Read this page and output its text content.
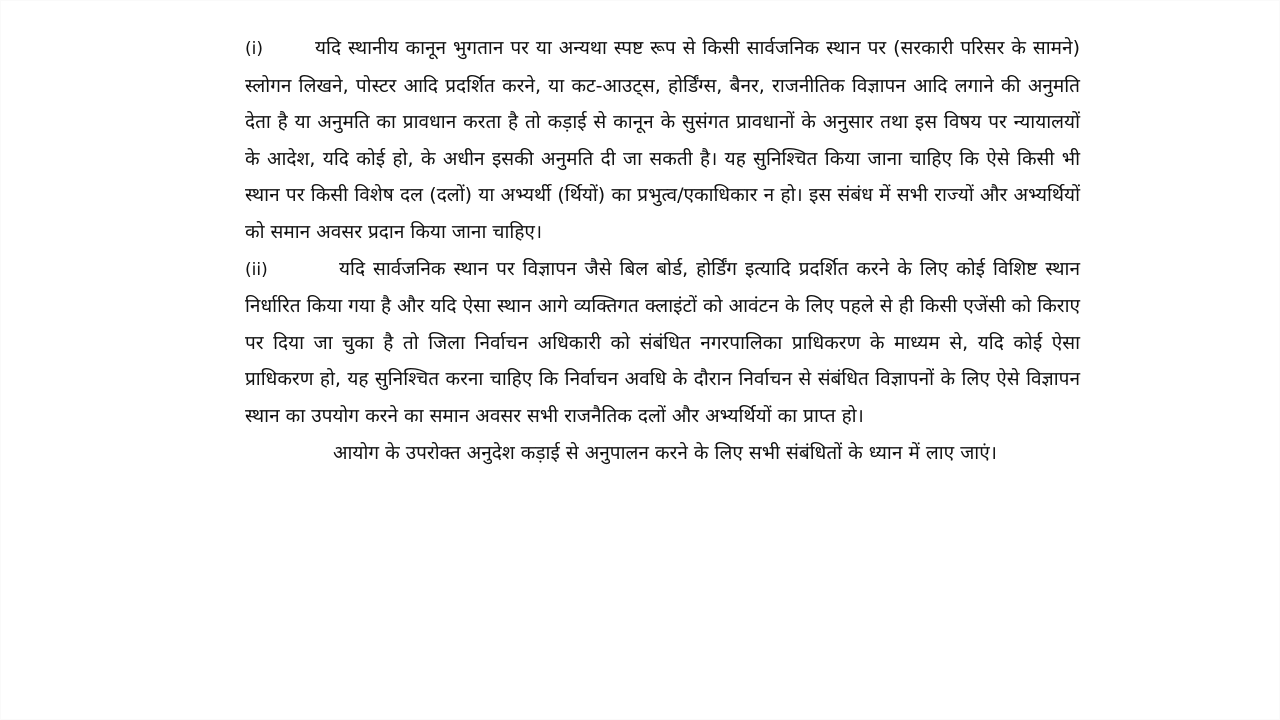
(i)	यदि स्थानीय कानून भुगतान पर या अन्यथा स्पष्ट रूप से किसी सार्वजनिक स्थान पर (सरकारी परिसर के सामने) स्लोगन लिखने, पोस्टर आदि प्रदर्शित करने, या कट-आउट्स, होर्डिंग्स, बैनर, राजनीतिक विज्ञापन आदि लगाने की अनुमति देता है या अनुमति का प्रावधान करता है तो कड़ाई से कानून के सुसंगत प्रावधानों के अनुसार तथा इस विषय पर न्यायालयों के आदेश, यदि कोई हो, के अधीन इसकी अनुमति दी जा सकती है। यह सुनिश्चित किया जाना चाहिए कि ऐसे किसी भी स्थान पर किसी विशेष दल (दलों) या अभ्यर्थी (र्थियों) का प्रभुत्व/एकाधिकार न हो। इस संबंध में सभी राज्यों और अभ्यर्थियों को समान अवसर प्रदान किया जाना चाहिए।

(ii)	यदि सार्वजनिक स्थान पर विज्ञापन जैसे बिल बोर्ड, होर्डिंग इत्यादि प्रदर्शित करने के लिए कोई विशिष्ट स्थान निर्धारित किया गया है और यदि ऐसा स्थान आगे व्यक्तिगत क्लाइंटों को आवंटन के लिए पहले से ही किसी एजेंसी को किराए पर दिया जा चुका है तो जिला निर्वाचन अधिकारी को संबंधित नगरपालिका प्राधिकरण के माध्यम से, यदि कोई ऐसा प्राधिकरण हो, यह सुनिश्चित करना चाहिए कि निर्वाचन अवधि के दौरान निर्वाचन से संबंधित विज्ञापनों के लिए ऐसे विज्ञापन स्थान का उपयोग करने का समान अवसर सभी राजनैतिक दलों और अभ्यर्थियों का प्राप्त हो।

आयोग के उपरोक्त अनुदेश कड़ाई से अनुपालन करने के लिए सभी संबंधितों के ध्यान में लाए जाएं।
